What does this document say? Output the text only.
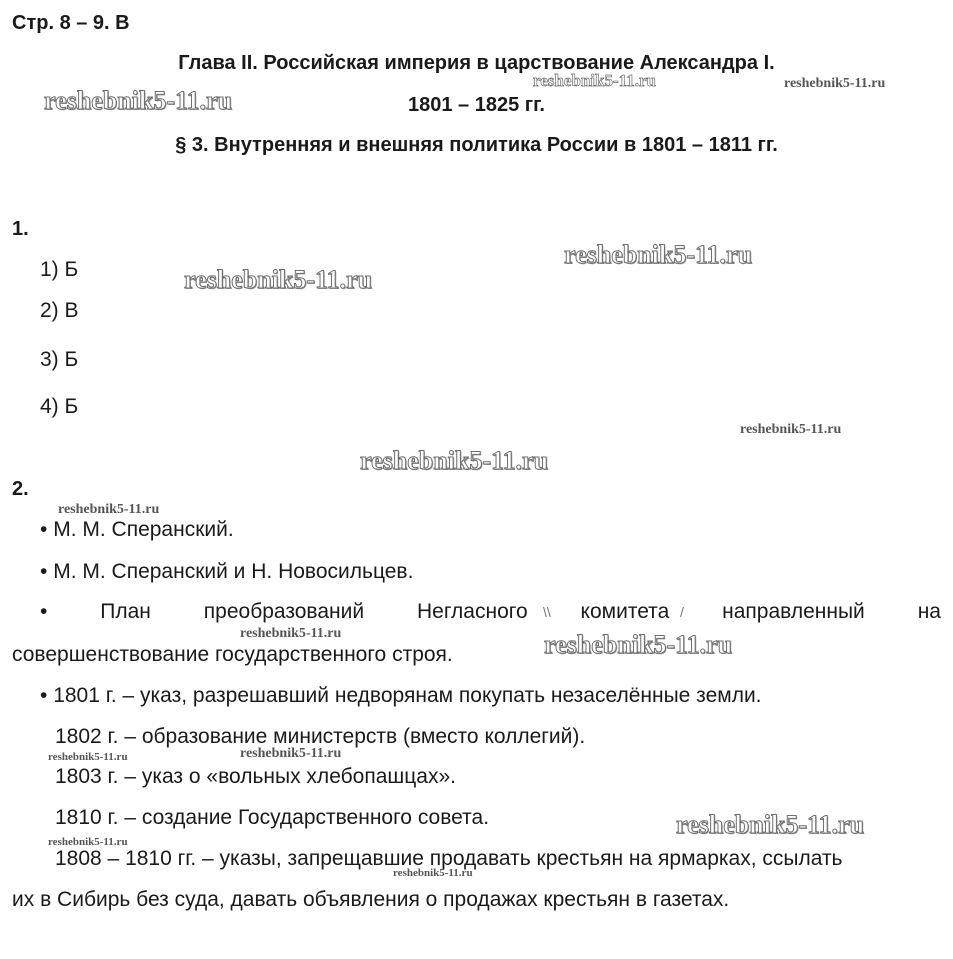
Стр. 8 – 9. В
Глава II. Российская империя в царствование Александра I.
1801 – 1825 гг.
§ 3. Внутренняя и внешняя политика России в 1801 – 1811 гг.
1.
1) Б
2) В
3) Б
4) Б
2.
• М. М. Сперанский.
• М. М. Сперанский и Н. Новосильцев.
•	План	преобразований	Негласного	комитета	направленный	на
совершенствование государственного строя.
• 1801 г. – указ, разрешавший недворянам покупать незаселённые земли.
1802 г. – образование министерств (вместо коллегий).
1803 г. – указ о «вольных хлебопашцах».
1810 г. – создание Государственного совета.
1808 – 1810 гг. – указы, запрещавшие продавать крестьян на ярмарках, ссылать
их в Сибирь без суда, давать объявления о продажах крестьян в газетах.
reshebnik5-11.ru
reshebnik5-11.ru	reshebnik5-11.ru
reshebnik5-11.ru
reshebnik5-11.ru
reshebnik5-11.ru
reshebnik5-11.ru
reshebnik5-11.ru
reshebnik5-11.ru	reshebnik5-11.ru
reshebnik5-11.ru	reshebnik5-11.ru
reshebnik5-11.ru
reshebnik5-11.ru
reshebnik5-11.ru
\\	/
